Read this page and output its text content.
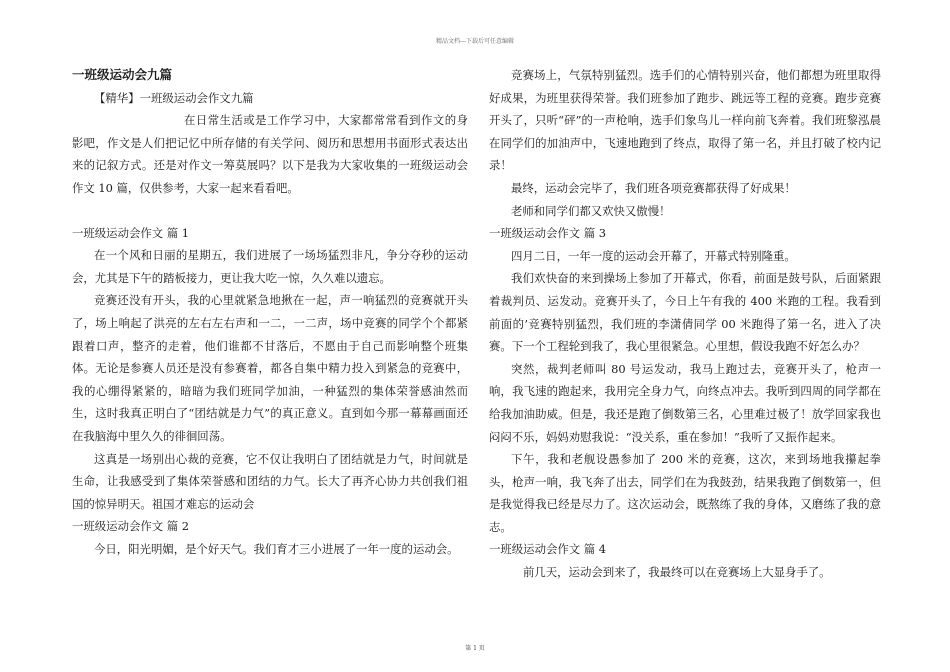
精品文档---下载后可任意编辑

一班级运动会九篇

【精华】一班级运动会作文九篇

在日常生活或是工作学习中，大家都常常看到作文的身影吧，作文是人们把记忆中所存储的有关学问、阅历和思想用书面形式表达出来的记叙方式。还是对作文一筹莫展吗？以下是我为大家收集的一班级运动会作文 10 篇，仅供参考，大家一起来看看吧。

一班级运动会作文 篇 1

在一个风和日丽的星期五，我们进展了一场场猛烈非凡，争分夺秒的运动会，尤其是下午的踏板接力，更让我大吃一惊，久久难以遗忘。

竞赛还没有开头，我的心里就紧急地揪在一起，声一响猛烈的竞赛就开头了，场上响起了洪亮的左右左右声和一二，一二声，场中竞赛的同学个个都紧跟着口声，整齐的走着，他们谁都不甘落后，不愿由于自己而影响整个班集体。无论是参赛人员还是没有参赛着，都各自集中精力投入到紧急的竞赛中，我的心绷得紧紧的，暗暗为我们班同学加油，一种猛烈的集体荣誉感油然而生，这时我真正明白了“团结就是力气”的真正意义。直到如今那一幕幕画面还在我脑海中里久久的徘徊回荡。

这真是一场别出心裁的竞赛，它不仅让我明白了团结就是力气，时间就是生命，让我感受到了集体荣誉感和团结的力气。长大了再齐心协力共创我们祖国的惊异明天。祖国才难忘的运动会

一班级运动会作文 篇 2

今日，阳光明媚，是个好天气。我们育才三小进展了一年一度的运动会。

竞赛场上，气氛特别猛烈。选手们的心情特别兴奋，他们都想为班里取得好成果，为班里获得荣誉。我们班参加了跑步、跳远等工程的竞赛。跑步竞赛开头了，只听“砰”的一声枪响，选手们象鸟儿一样向前飞奔着。我们班黎泓晨在同学们的加油声中，飞速地跑到了终点，取得了第一名，并且打破了校内记录！

最终，运动会完毕了，我们班各项竞赛都获得了好成果！

老师和同学们都又欢快又傲慢！

一班级运动会作文 篇 3

四月二日，一年一度的运动会开幕了，开幕式特别隆重。

我们欢快奋的来到操场上参加了开幕式，你看，前面是鼓号队，后面紧跟着裁判员、运发动。竞赛开头了，今日上午有我的 400 米跑的工程。我看到前面的’竞赛特别猛烈，我们班的李潇倩同学 00 米跑得了第一名，进入了决赛。下一个工程轮到我了，我心里很紧急。心里想，假设我跑不好怎么办？

突然，裁判老师叫 80 号运发动，我马上跑过去，竞赛开头了，枪声一响，我飞速的跑起来，我用完全身力气，向终点冲去。我听到四周的同学都在给我加油助威。但是，我还是跑了倒数第三名，心里难过极了！放学回家我也闷闷不乐，妈妈劝慰我说：“没关系，重在参加！”我听了又振作起来。

下午，我和老舰设愚参加了 200 米的竞赛，这次，来到场地我攥起拳头，枪声一响，我飞奔了出去，同学们在为我鼓劲，结果我跑了倒数第一，但是我觉得我已经是尽力了。这次运动会，既熬练了我的身体，又磨练了我的意志。

一班级运动会作文 篇 4

前几天，运动会到来了，我最终可以在竞赛场上大显身手了。

第 1 页
